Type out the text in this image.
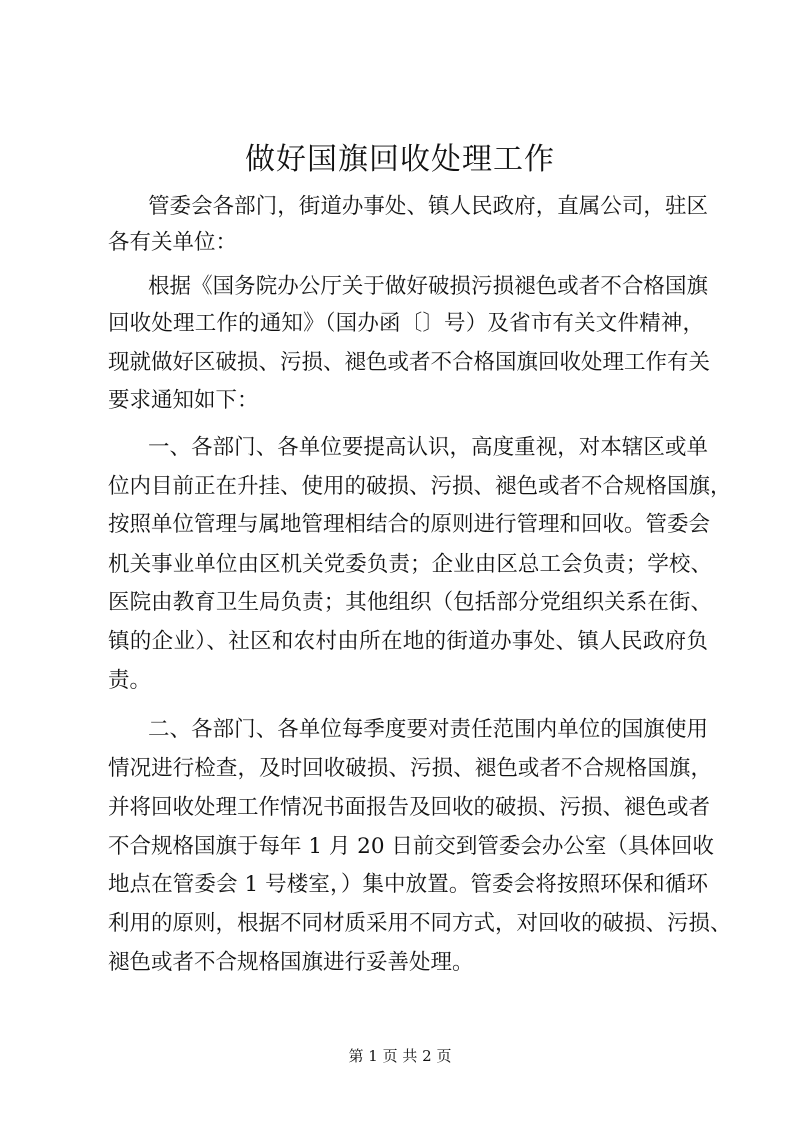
做好国旗回收处理工作

管委会各部门，街道办事处、镇人民政府，直属公司，驻区

各有关单位：

根据《国务院办公厅关于做好破损污损褪色或者不合格国旗

回收处理工作的通知》（国办函〔〕号）及省市有关文件精神，

现就做好区破损、污损、褪色或者不合格国旗回收处理工作有关

要求通知如下：

一、各部门、各单位要提高认识，高度重视，对本辖区或单

位内目前正在升挂、使用的破损、污损、褪色或者不合规格国旗，

按照单位管理与属地管理相结合的原则进行管理和回收。管委会

机关事业单位由区机关党委负责；企业由区总工会负责；学校、

医院由教育卫生局负责；其他组织（包括部分党组织关系在街、

镇的企业）、社区和农村由所在地的街道办事处、镇人民政府负

责。

二、各部门、各单位每季度要对责任范围内单位的国旗使用

情况进行检查，及时回收破损、污损、褪色或者不合规格国旗，

并将回收处理工作情况书面报告及回收的破损、污损、褪色或者

不合规格国旗于每年 1 月 20 日前交到管委会办公室（具体回收

地点在管委会 1 号楼室，）集中放置。管委会将按照环保和循环

利用的原则，根据不同材质采用不同方式，对回收的破损、污损、

褪色或者不合规格国旗进行妥善处理。

第 1 页 共 2 页
